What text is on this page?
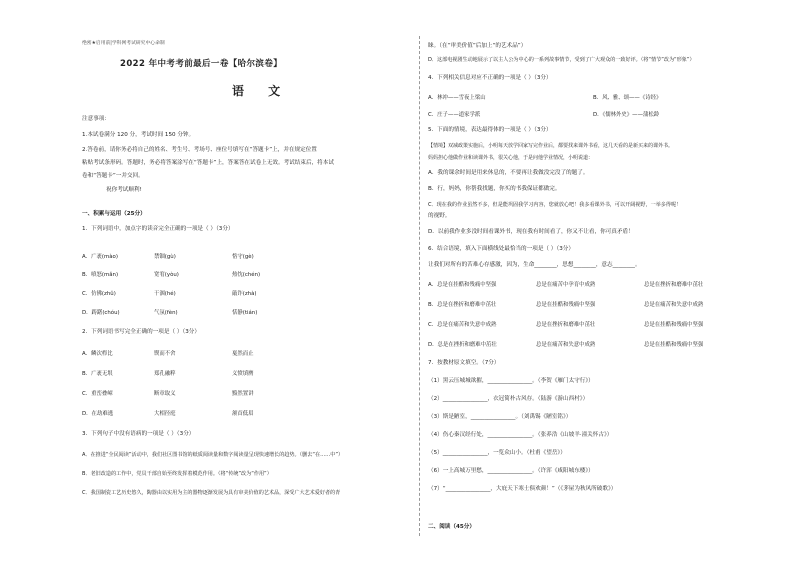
绝密★启用前|学科网考试研究中心命制
2022 年中考考前最后一卷【哈尔滨卷】
语 文
注意事项：
1.本试卷满分 120 分，考试时间 150 分钟。
2.答卷前，请你务必将自己的姓名、考生号、考场号、座位号填写在“答题卡”上，并在规定位置
粘贴考试条形码。答题时，务必将答案涂写在“答题卡”上，答案答在试卷上无效。考试结束后，将本试
卷和“答题卡”一并交回。
祝你考试顺利!
一、积累与运用（25分）
1．下列词语中，加点字的读音完全正确的一项是（ ）（3分）
A．广袤(mào)	禁锢(gù)	恪守(gè)
B．嗔怒(mǎn)	宽宥(yòu)	热忱(chén)
C．仿佛(zhǔ)	干涸(hé)	敲诈(zhà)
D．踌躇(chóu)	气氛(fèn)	恬静(tián)
2．下列词语书写完全正确的一项是（ ）（3分）
A．鳞次栉比	锲而不舍	戛然而止
B．广袤无垠	郑孔融粹	义愤填膺
C．重峦叠嶂	断章取义	黯然置讲
D．在劫难逃	大相径庭	颔首低眉
3．下列句子中没有语病的一项是（ ）（3分）
A．在推进“全民阅读”活动中，我们社区图书馆的纸质阅读量和数字阅读量呈现快速增长的趋势。（删去“在……中”）
B．老旧改造的工作中，党员干部自始至终发挥着模范作用。（将“传统”改为“作用”）
C．我国制瓷工艺历史悠久，陶器由以实用为主的器物逐渐发展为具有审美价值的艺术品，深受广大艺术爱好者的青
睐。（在“审美价值”后加上“的艺术品”）
D．这部电视剧生动地展示了以主人公为中心的一系列故事情节，受到了广大观众的一致好评。（将“情节”改为“形象”）
4．下列相关信息对应不正确的一项是（ ）（3分）
A．林冲——雪夜上梁山	B．风、雅、颂——《诗经》
C．庄子——道家学派	D．《儒林外史》——蒲松龄
5．下面的情境，表达最得体的一项是（ ）（3分）
【情境】双减政策实施后，小明每天放学回家写完作业后，都要找来课外书看，这几天看的是新买来的课外书。
妈妈担心他做作业和读课外书，很关心他，于是问他学业情况，小明说道：
A．我的课余时间是用来休息的，不要再让我做没完没了的题了。
B．行，妈妈，你帮我找题，你买的书我保证都做完。
C．现在我的作业虽然不多，但是能巩固我学习内容，您就放心吧！我多看课外书，可以开阔视野，一举多得呢！
的视野。
D．以前我作业多没时间看课外书，现在我有时间看了，你又不让看，你可真矛盾！
6．结合语境，填入下面横线处最恰当的一项是（ ）（3分）
让我们对所有的苦难心存感激，因为，生命________，思想________，意志________。
A．总是在挂酷和残痛中坚强	总是在痛苦中孕育中成熟	总是在挫折和磨难中茁壮
B．总是在挫折和磨难中茁壮	总是在挂酷和残痛中坚强	总是在痛苦和失意中成熟
C．总是在痛苦和失意中成熟	总是在挫折和磨难中茁壮	总是在挂酷和残痛中坚强
D．总是在挫折和磨难中茁壮	总是在痛苦和失意中成熟	总是在挂酷和残痛中坚强
7．按教材原文填空。（7分）
（1）黑云压城城欲摧，________________。（李贺《雁门太守行》）
（2）________________，衣冠简朴古风存。（陆游《游山西村》）
（3）斯是陋室，________________。（刘禹锡《陋室铭》）
（4）伤心秦汉经行处，________________。（张养浩《山坡羊·潼关怀古》）
（5）________________，一览众山小。（杜甫《望岳》）
（6）一上高城万里愁，________________。（许浑《咸阳城东楼》）
（7）“________________，大庇天下寒士俱欢颜！”（《茅屋为秋风所破歌》）
二、阅读（45分）
